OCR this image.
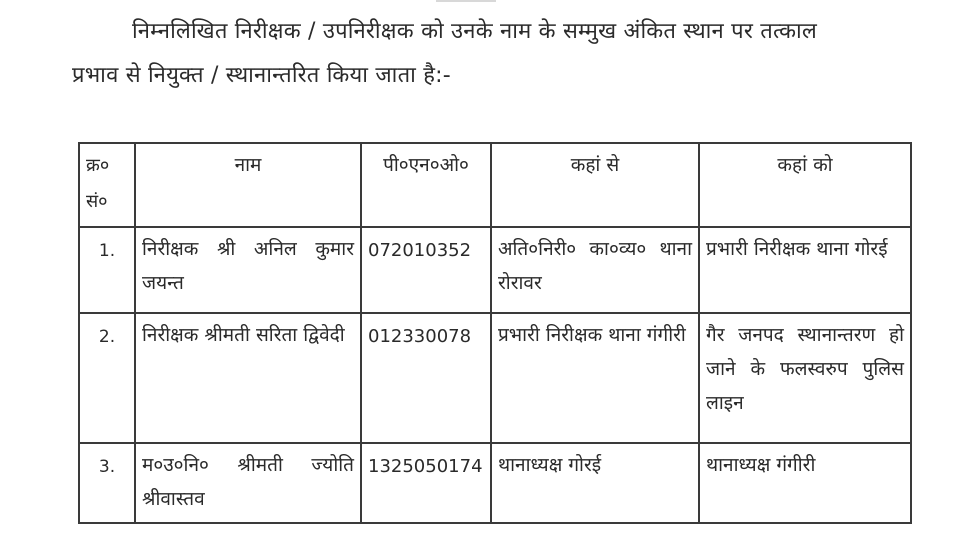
निम्नलिखित निरीक्षक / उपनिरीक्षक को उनके नाम के सम्मुख अंकित स्थान पर तत्काल
प्रभाव से नियुक्त / स्थानान्तरित किया जाता है:-
क्र० सं०	नाम	पी०एन०ओ०	कहां से	कहां को
1.	निरीक्षक श्री अनिल कुमार जयन्त	072010352	अति०निरी० का०व्य० थाना रोरावर	प्रभारी निरीक्षक थाना गोरई
2.	निरीक्षक श्रीमती सरिता द्विवेदी	012330078	प्रभारी निरीक्षक थाना गंगीरी	गैर जनपद स्थानान्तरण हो जाने के फलस्वरुप पुलिस लाइन
3.	म०उ०नि० श्रीमती ज्योति श्रीवास्तव	1325050174	थानाध्यक्ष गोरई	थानाध्यक्ष गंगीरी
